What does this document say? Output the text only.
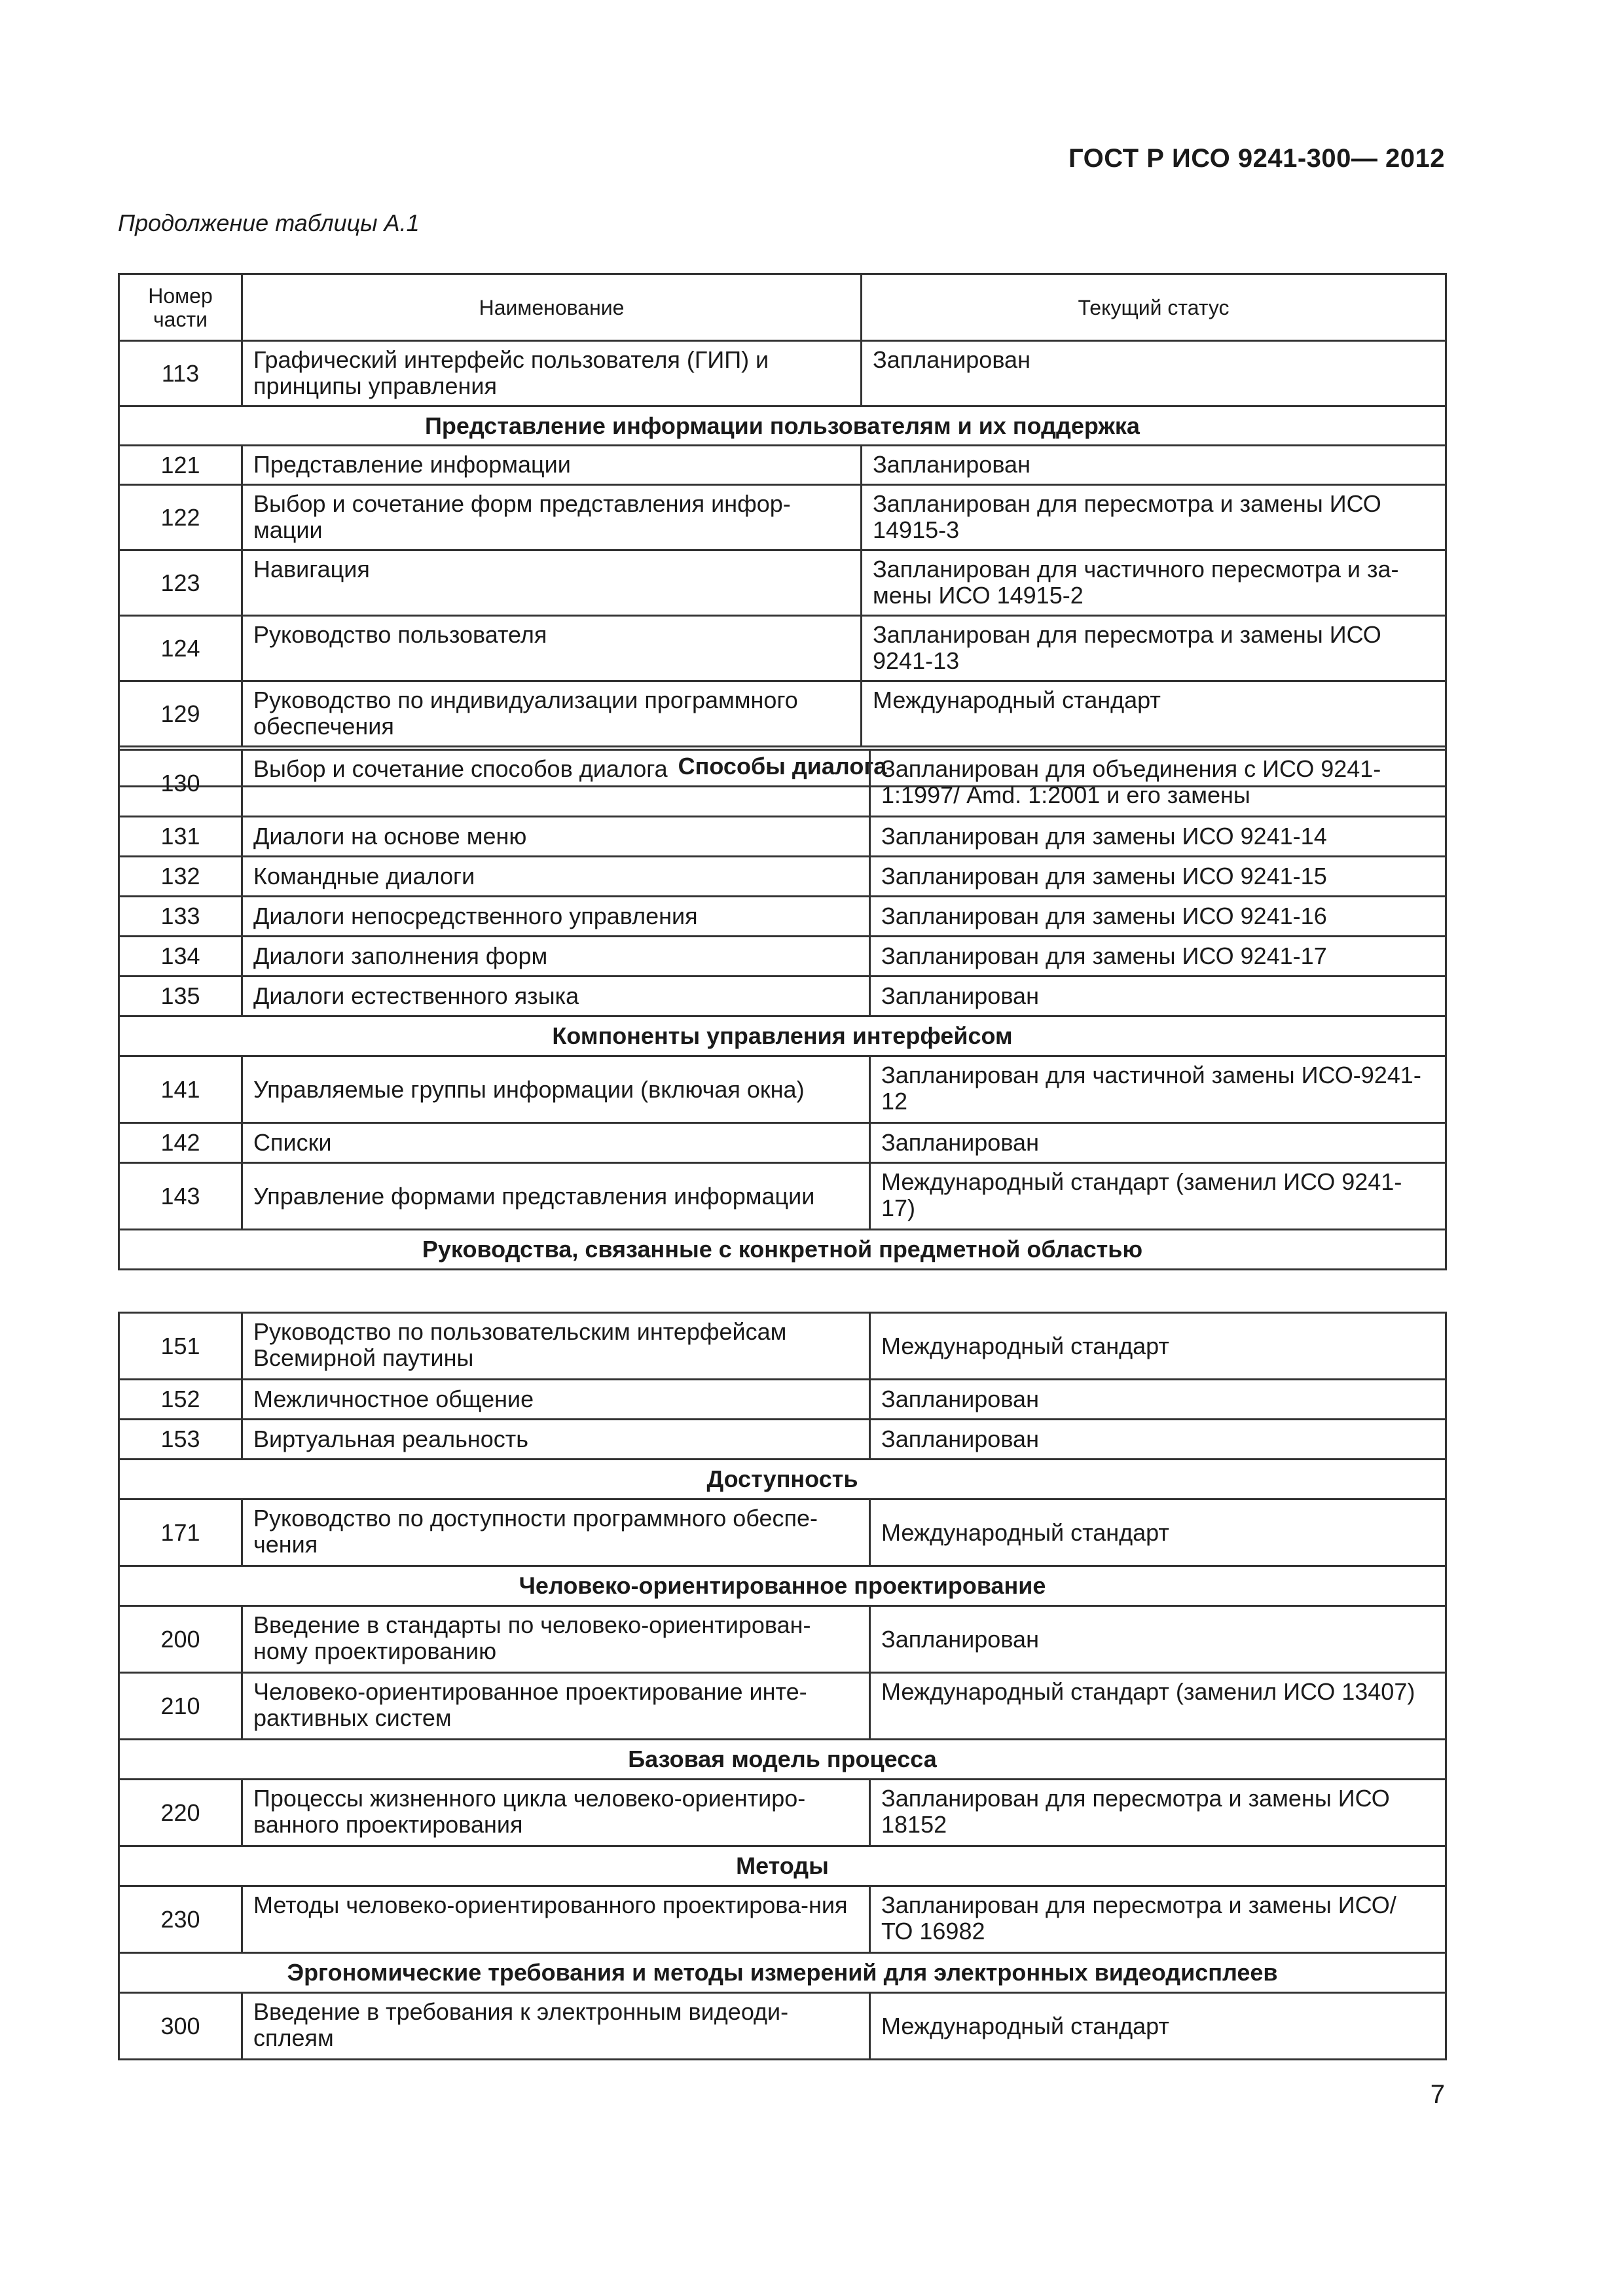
ГОСТ Р ИСО 9241-300— 2012
Продолжение таблицы А.1
Номер части	Наименование	Текущий статус
113	Графический интерфейс пользователя (ГИП) и принципы управления	Запланирован
Представление информации пользователям и их поддержка		
121	Представление информации	Запланирован
122	Выбор и сочетание форм представления инфор-мации	Запланирован для пересмотра и замены ИСО 14915-3
123	Навигация	Запланирован для частичного пересмотра и за-мены ИСО 14915-2
124	Руководство пользователя	Запланирован для пересмотра и замены ИСО 9241-13
129	Руководство по индивидуализации программного обеспечения	Международный стандарт
Способы диалога		
130	Выбор и сочетание способов диалога	Запланирован для объединения с ИСО 9241-1:1997/ Amd. 1:2001 и его замены
131	Диалоги на основе меню	Запланирован для замены ИСО 9241-14
132	Командные диалоги	Запланирован для замены ИСО 9241-15
133	Диалоги непосредственного управления	Запланирован для замены ИСО 9241-16
134	Диалоги заполнения форм	Запланирован для замены ИСО 9241-17
135	Диалоги естественного языка	Запланирован
Компоненты управления интерфейсом		
141	Управляемые группы информации (включая окна)	Запланирован для частичной замены ИСО-9241-12
142	Списки	Запланирован
143	Управление формами представления информации	Международный стандарт (заменил ИСО 9241-17)
Руководства, связанные с конкретной предметной областью		
151	Руководство по пользовательским интерфейсам Всемирной паутины	Международный стандарт
152	Межличностное общение	Запланирован
153	Виртуальная реальность	Запланирован
Доступность		
171	Руководство по доступности программного обеспе-чения	Международный стандарт
Человеко-ориентированное проектирование		
200	Введение в стандарты по человеко-ориентирован-ному проектированию	Запланирован
210	Человеко-ориентированное проектирование инте-рактивных систем	Международный стандарт (заменил ИСО 13407)
Базовая модель процесса		
220	Процессы жизненного цикла человеко-ориентиро-ванного проектирования	Запланирован для пересмотра и замены ИСО 18152
Методы		
230	Методы человеко-ориентированного проектирова-ния	Запланирован для пересмотра и замены ИСО/ ТО 16982
Эргономические требования и методы измерений для электронных видеодисплеев		
300	Введение в требования к электронным видеоди-сплеям	Международный стандарт
7
